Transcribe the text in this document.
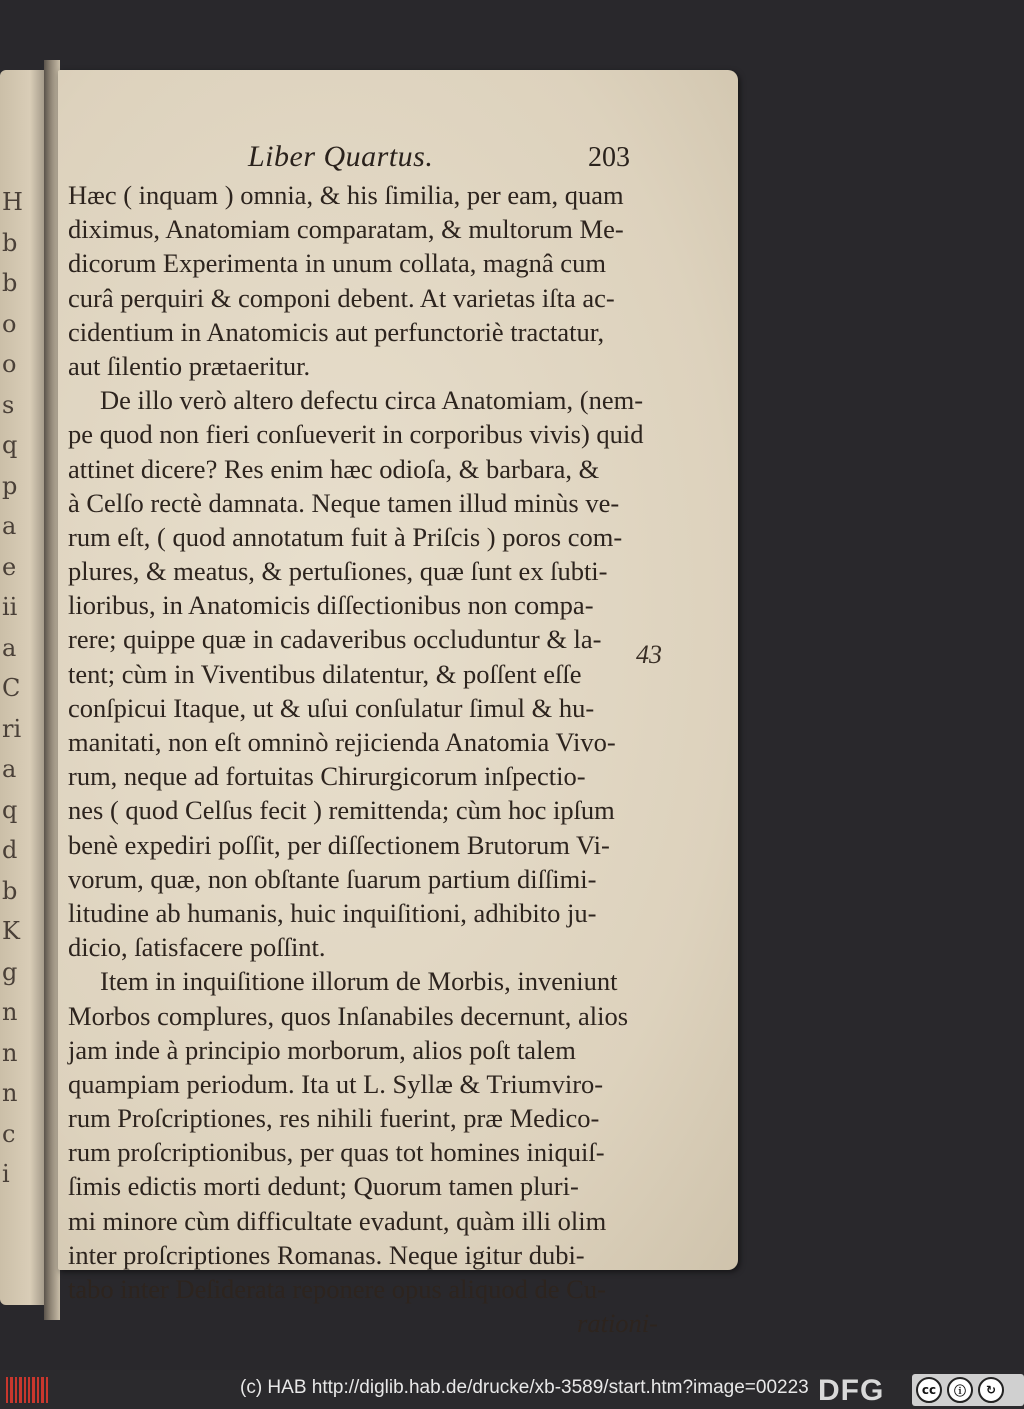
H
b
b
o
o
s
q
p
a
e
ii
a
C
ri
a
q
d
b
K
g
n
n
n
c
i
Liber Quartus.	203
Hæc ( inquam ) omnia, & his ſimilia, per eam, quam
diximus, Anatomiam comparatam, & multorum Me-
dicorum Experimenta in unum collata, magnâ cum
curâ perquiri & componi debent. At varietas iſta ac-
cidentium in Anatomicis aut perfunctoriè tractatur,
aut ſilentio prætaeritur.
De illo verò altero defectu circa Anatomiam, (nem-
pe quod non fieri conſueverit in corporibus vivis) quid
attinet dicere? Res enim hæc odioſa, & barbara, &
à Celſo rectè damnata. Neque tamen illud minùs ve-
rum eſt, ( quod annotatum fuit à Priſcis ) poros com-
plures, & meatus, & pertuſiones, quæ ſunt ex ſubti-
lioribus, in Anatomicis diſſectionibus non compa-
rere; quippe quæ in cadaveribus occluduntur & la-
tent; cùm in Viventibus dilatentur, & poſſent eſſe
conſpicui Itaque, ut & uſui conſulatur ſimul & hu-
manitati, non eſt omninò rejicienda Anatomia Vivo-
rum, neque ad fortuitas Chirurgicorum inſpectio-
nes ( quod Celſus fecit ) remittenda; cùm hoc ipſum
benè expediri poſſit, per diſſectionem Brutorum Vi-
vorum, quæ, non obſtante ſuarum partium diſſimi-
litudine ab humanis, huic inquiſitioni, adhibito ju-
dicio, ſatisfacere poſſint.
Item in inquiſitione illorum de Morbis, inveniunt
Morbos complures, quos Inſanabiles decernunt, alios
jam inde à principio morborum, alios poſt talem
quampiam periodum. Ita ut L. Syllæ & Triumviro-
rum Proſcriptiones, res nihili fuerint, præ Medico-
rum proſcriptionibus, per quas tot homines iniquiſ-
ſimis edictis morti dedunt; Quorum tamen pluri-
mi minore cùm difficultate evadunt, quàm illi olim
inter proſcriptiones Romanas. Neque igitur dubi-
tabo inter Deſiderata reponere opus aliquod de Cu-
rationi-
43
(c) HAB http://diglib.hab.de/drucke/xb-3589/start.htm?image=00223 DFG	cc	ⓘ	↻
